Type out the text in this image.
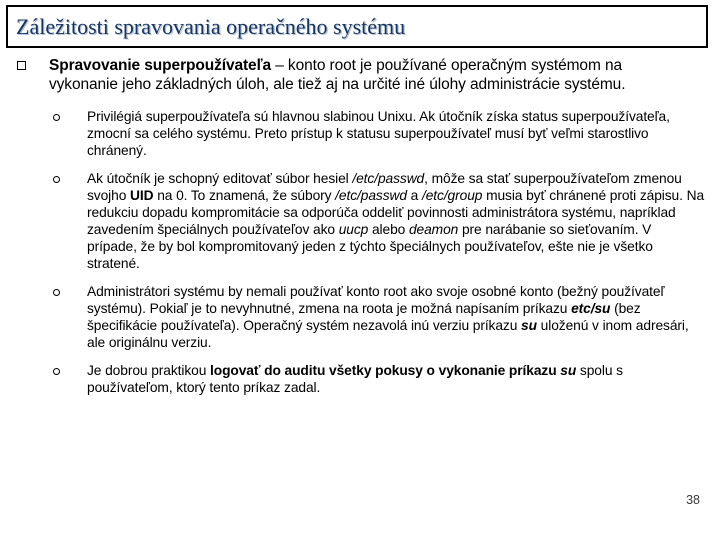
Záležitosti spravovania operačného systému

Spravovanie superpoužívateľa – konto root je používané operačným systémom na vykonanie jeho základných úloh, ale tiež aj na určité iné úlohy administrácie systému.

Privilégiá superpoužívateľa sú hlavnou slabinou Unixu. Ak útočník získa status superpoužívateľa, zmocní sa celého systému. Preto prístup k statusu superpoužívateľ musí byť veľmi starostlivo chránený.

Ak útočník je schopný editovať súbor hesiel /etc/passwd, môže sa stať superpoužívateľom zmenou svojho UID na 0. To znamená, že súbory /etc/passwd a /etc/group musia byť chránené proti zápisu. Na redukciu dopadu kompromitácie sa odporúča oddeliť povinnosti administrátora systému, napríklad zavedením špeciálnych používateľov ako uucp alebo deamon pre narábanie so sieťovaním. V prípade, že by bol kompromitovaný jeden z týchto špeciálnych používateľov, ešte nie je všetko stratené.

Administrátori systému by nemali používať konto root ako svoje osobné konto (bežný používateľ systému). Pokiaľ je to nevyhnutné, zmena na roota je možná napísaním príkazu etc/su (bez špecifikácie používateľa). Operačný systém nezavolá inú verziu príkazu su uloženú v inom adresári, ale originálnu verziu.

Je dobrou praktikou logovať do auditu všetky pokusy o vykonanie príkazu su spolu s používateľom, ktorý tento príkaz zadal.

38
